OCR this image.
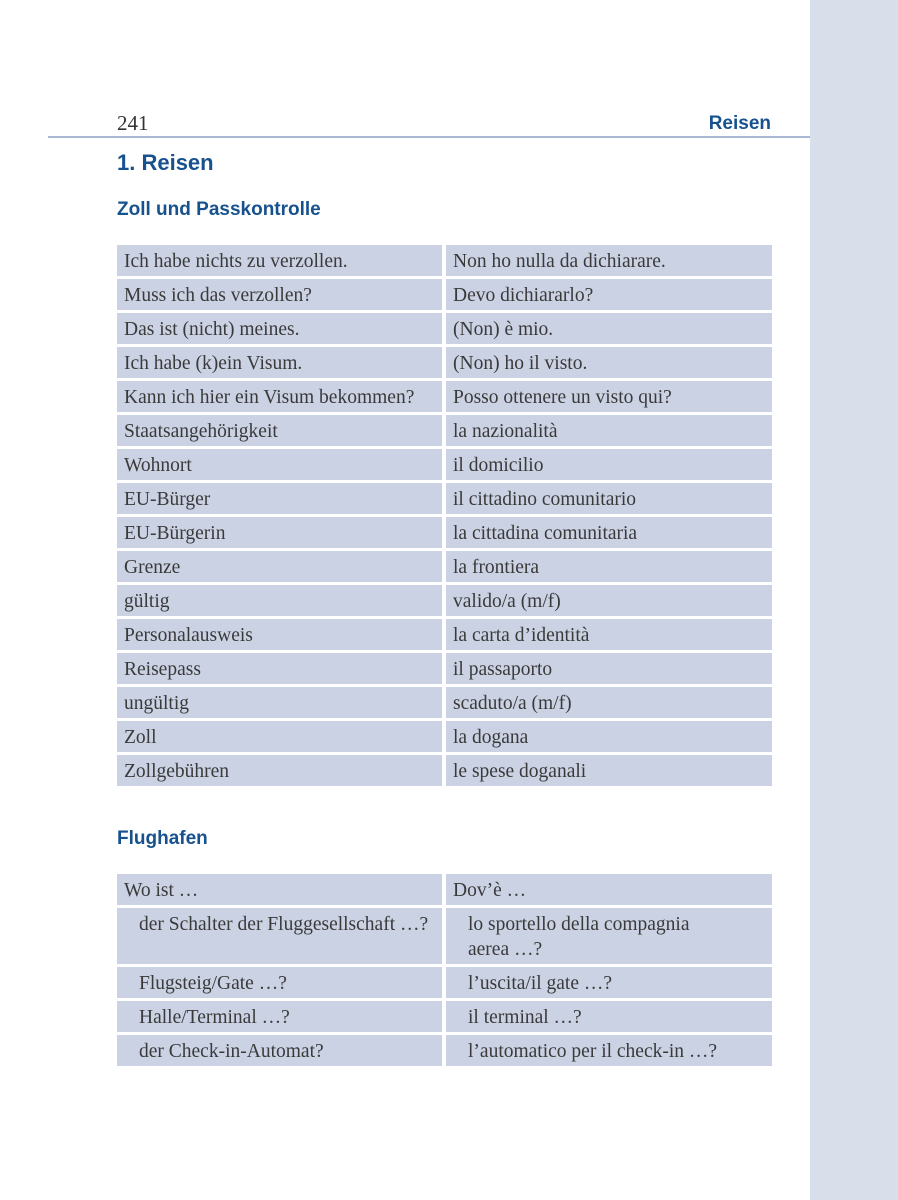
241	Reisen
1. Reisen
Zoll und Passkontrolle
Ich habe nichts zu verzollen.	Non ho nulla da dichiarare.
Muss ich das verzollen?	Devo dichiararlo?
Das ist (nicht) meines.	(Non) è mio.
Ich habe (k)ein Visum.	(Non) ho il visto.
Kann ich hier ein Visum bekommen?	Posso ottenere un visto qui?
Staatsangehörigkeit	la nazionalità
Wohnort	il domicilio
EU-Bürger	il cittadino comunitario
EU-Bürgerin	la cittadina comunitaria
Grenze	la frontiera
gültig	valido/a (m/f)
Personalausweis	la carta d’identità
Reisepass	il passaporto
ungültig	scaduto/a (m/f)
Zoll	la dogana
Zollgebühren	le spese doganali
Flughafen
Wo ist …	Dov’è …
der Schalter der Fluggesellschaft …?	lo sportello della compagnia
aerea …?
Flugsteig/Gate …?	l’uscita/il gate …?
Halle/Terminal …?	il terminal …?
der Check-in-Automat?	l’automatico per il check-in …?
